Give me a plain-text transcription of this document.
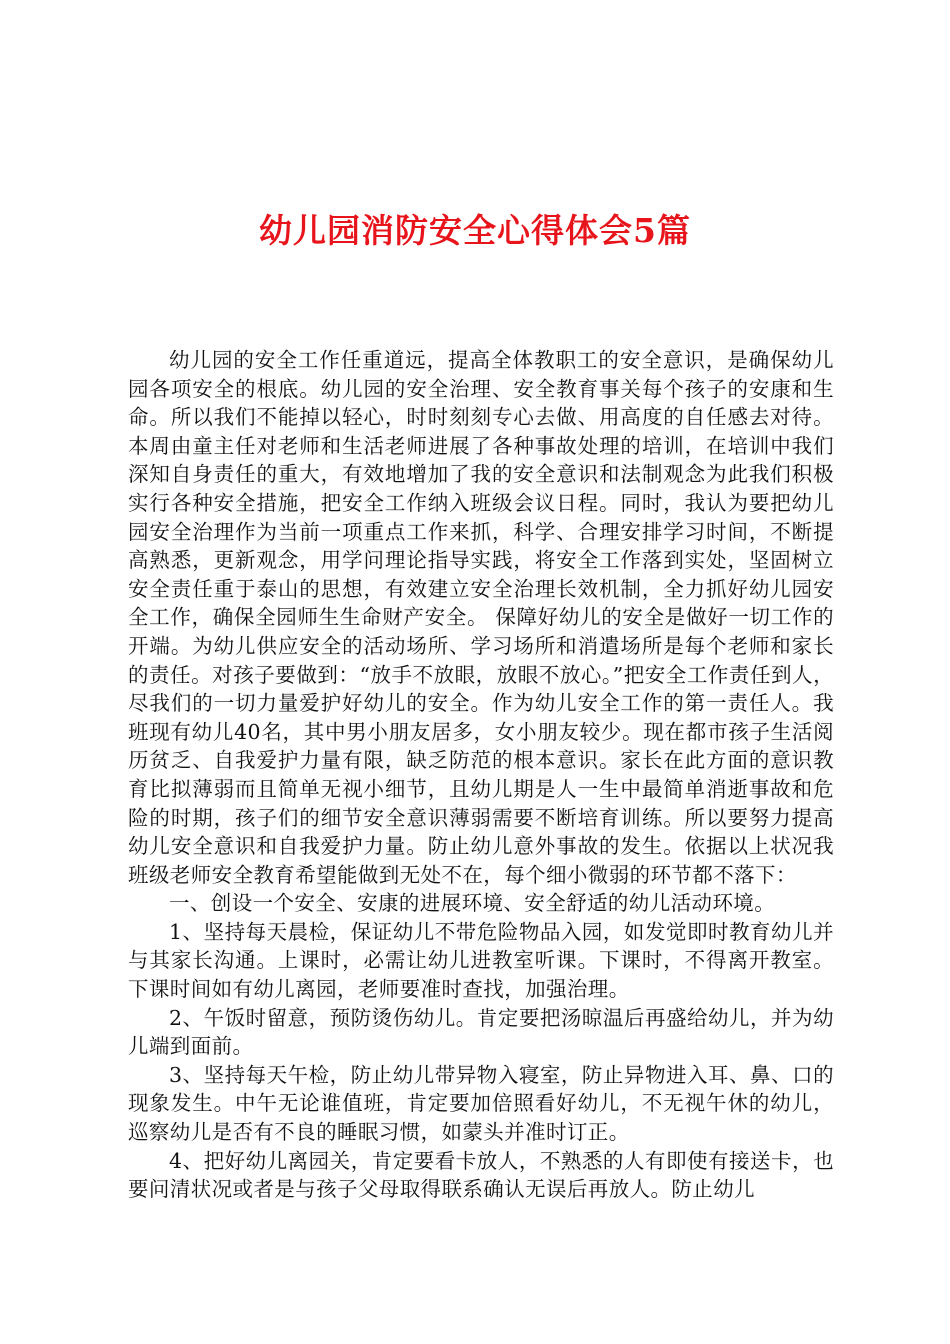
幼儿园消防安全心得体会5篇

幼儿园的安全工作任重道远，提高全体教职工的安全意识，是确保幼儿园各项安全的根底。幼儿园的安全治理、安全教育事关每个孩子的安康和生命。所以我们不能掉以轻心，时时刻刻专心去做、用高度的自任感去对待。本周由童主任对老师和生活老师进展了各种事故处理的培训，在培训中我们深知自身责任的重大，有效地增加了我的安全意识和法制观念为此我们积极实行各种安全措施，把安全工作纳入班级会议日程。同时，我认为要把幼儿园安全治理作为当前一项重点工作来抓，科学、合理安排学习时间，不断提高熟悉，更新观念，用学问理论指导实践，将安全工作落到实处，坚固树立安全责任重于泰山的思想，有效建立安全治理长效机制，全力抓好幼儿园安全工作，确保全园师生生命财产安全。 保障好幼儿的安全是做好一切工作的开端。为幼儿供应安全的活动场所、学习场所和消遣场所是每个老师和家长的责任。对孩子要做到：“放手不放眼，放眼不放心。”把安全工作责任到人，尽我们的一切力量爱护好幼儿的安全。作为幼儿安全工作的第一责任人。我班现有幼儿40名，其中男小朋友居多，女小朋友较少。现在都市孩子生活阅历贫乏、自我爱护力量有限，缺乏防范的根本意识。家长在此方面的意识教育比拟薄弱而且简单无视小细节，且幼儿期是人一生中最简单消逝事故和危险的时期，孩子们的细节安全意识薄弱需要不断培育训练。所以要努力提高幼儿安全意识和自我爱护力量。防止幼儿意外事故的发生。依据以上状况我班级老师安全教育希望能做到无处不在，每个细小微弱的环节都不落下：

一、创设一个安全、安康的进展环境、安全舒适的幼儿活动环境。

1、坚持每天晨检，保证幼儿不带危险物品入园，如发觉即时教育幼儿并与其家长沟通。上课时，必需让幼儿进教室听课。下课时，不得离开教室。下课时间如有幼儿离园，老师要准时查找，加强治理。

2、午饭时留意，预防烫伤幼儿。肯定要把汤晾温后再盛给幼儿，并为幼儿端到面前。

3、坚持每天午检，防止幼儿带异物入寝室，防止异物进入耳、鼻、口的现象发生。中午无论谁值班，肯定要加倍照看好幼儿，不无视午休的幼儿，巡察幼儿是否有不良的睡眠习惯，如蒙头并准时订正。

4、把好幼儿离园关，肯定要看卡放人，不熟悉的人有即使有接送卡，也要问清状况或者是与孩子父母取得联系确认无误后再放人。防止幼儿
